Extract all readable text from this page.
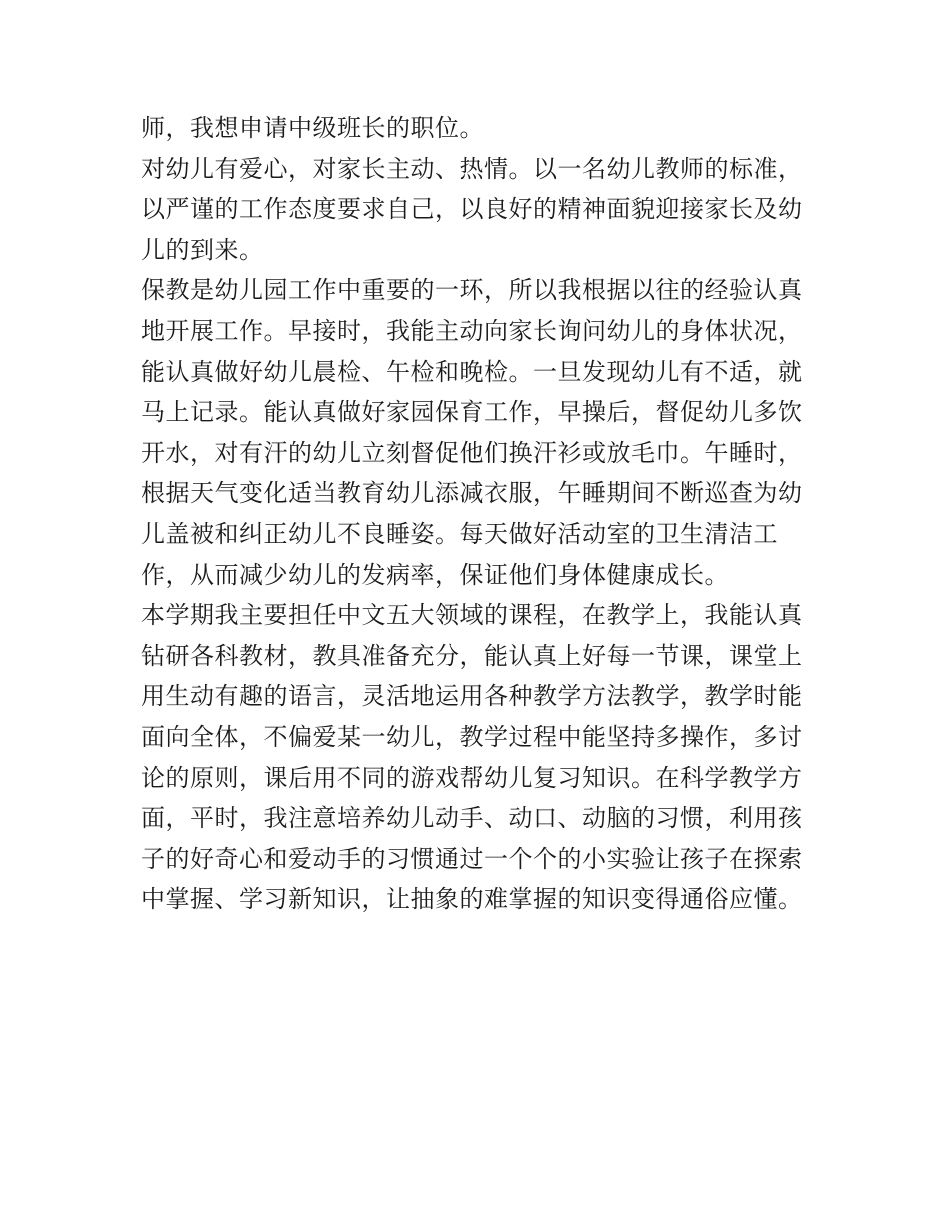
师，我想申请中级班长的职位。
对幼儿有爱心，对家长主动、热情。以一名幼儿教师的标准，
以严谨的工作态度要求自己，以良好的精神面貌迎接家长及幼
儿的到来。
保教是幼儿园工作中重要的一环，所以我根据以往的经验认真
地开展工作。早接时，我能主动向家长询问幼儿的身体状况，
能认真做好幼儿晨检、午检和晚检。一旦发现幼儿有不适，就
马上记录。能认真做好家园保育工作，早操后，督促幼儿多饮
开水，对有汗的幼儿立刻督促他们换汗衫或放毛巾。午睡时，
根据天气变化适当教育幼儿添减衣服，午睡期间不断巡查为幼
儿盖被和纠正幼儿不良睡姿。每天做好活动室的卫生清洁工
作，从而减少幼儿的发病率，保证他们身体健康成长。
本学期我主要担任中文五大领域的课程，在教学上，我能认真
钻研各科教材，教具准备充分，能认真上好每一节课，课堂上
用生动有趣的语言，灵活地运用各种教学方法教学，教学时能
面向全体，不偏爱某一幼儿，教学过程中能坚持多操作，多讨
论的原则，课后用不同的游戏帮幼儿复习知识。在科学教学方
面，平时，我注意培养幼儿动手、动口、动脑的习惯，利用孩
子的好奇心和爱动手的习惯通过一个个的小实验让孩子在探索
中掌握、学习新知识，让抽象的难掌握的知识变得通俗应懂。
